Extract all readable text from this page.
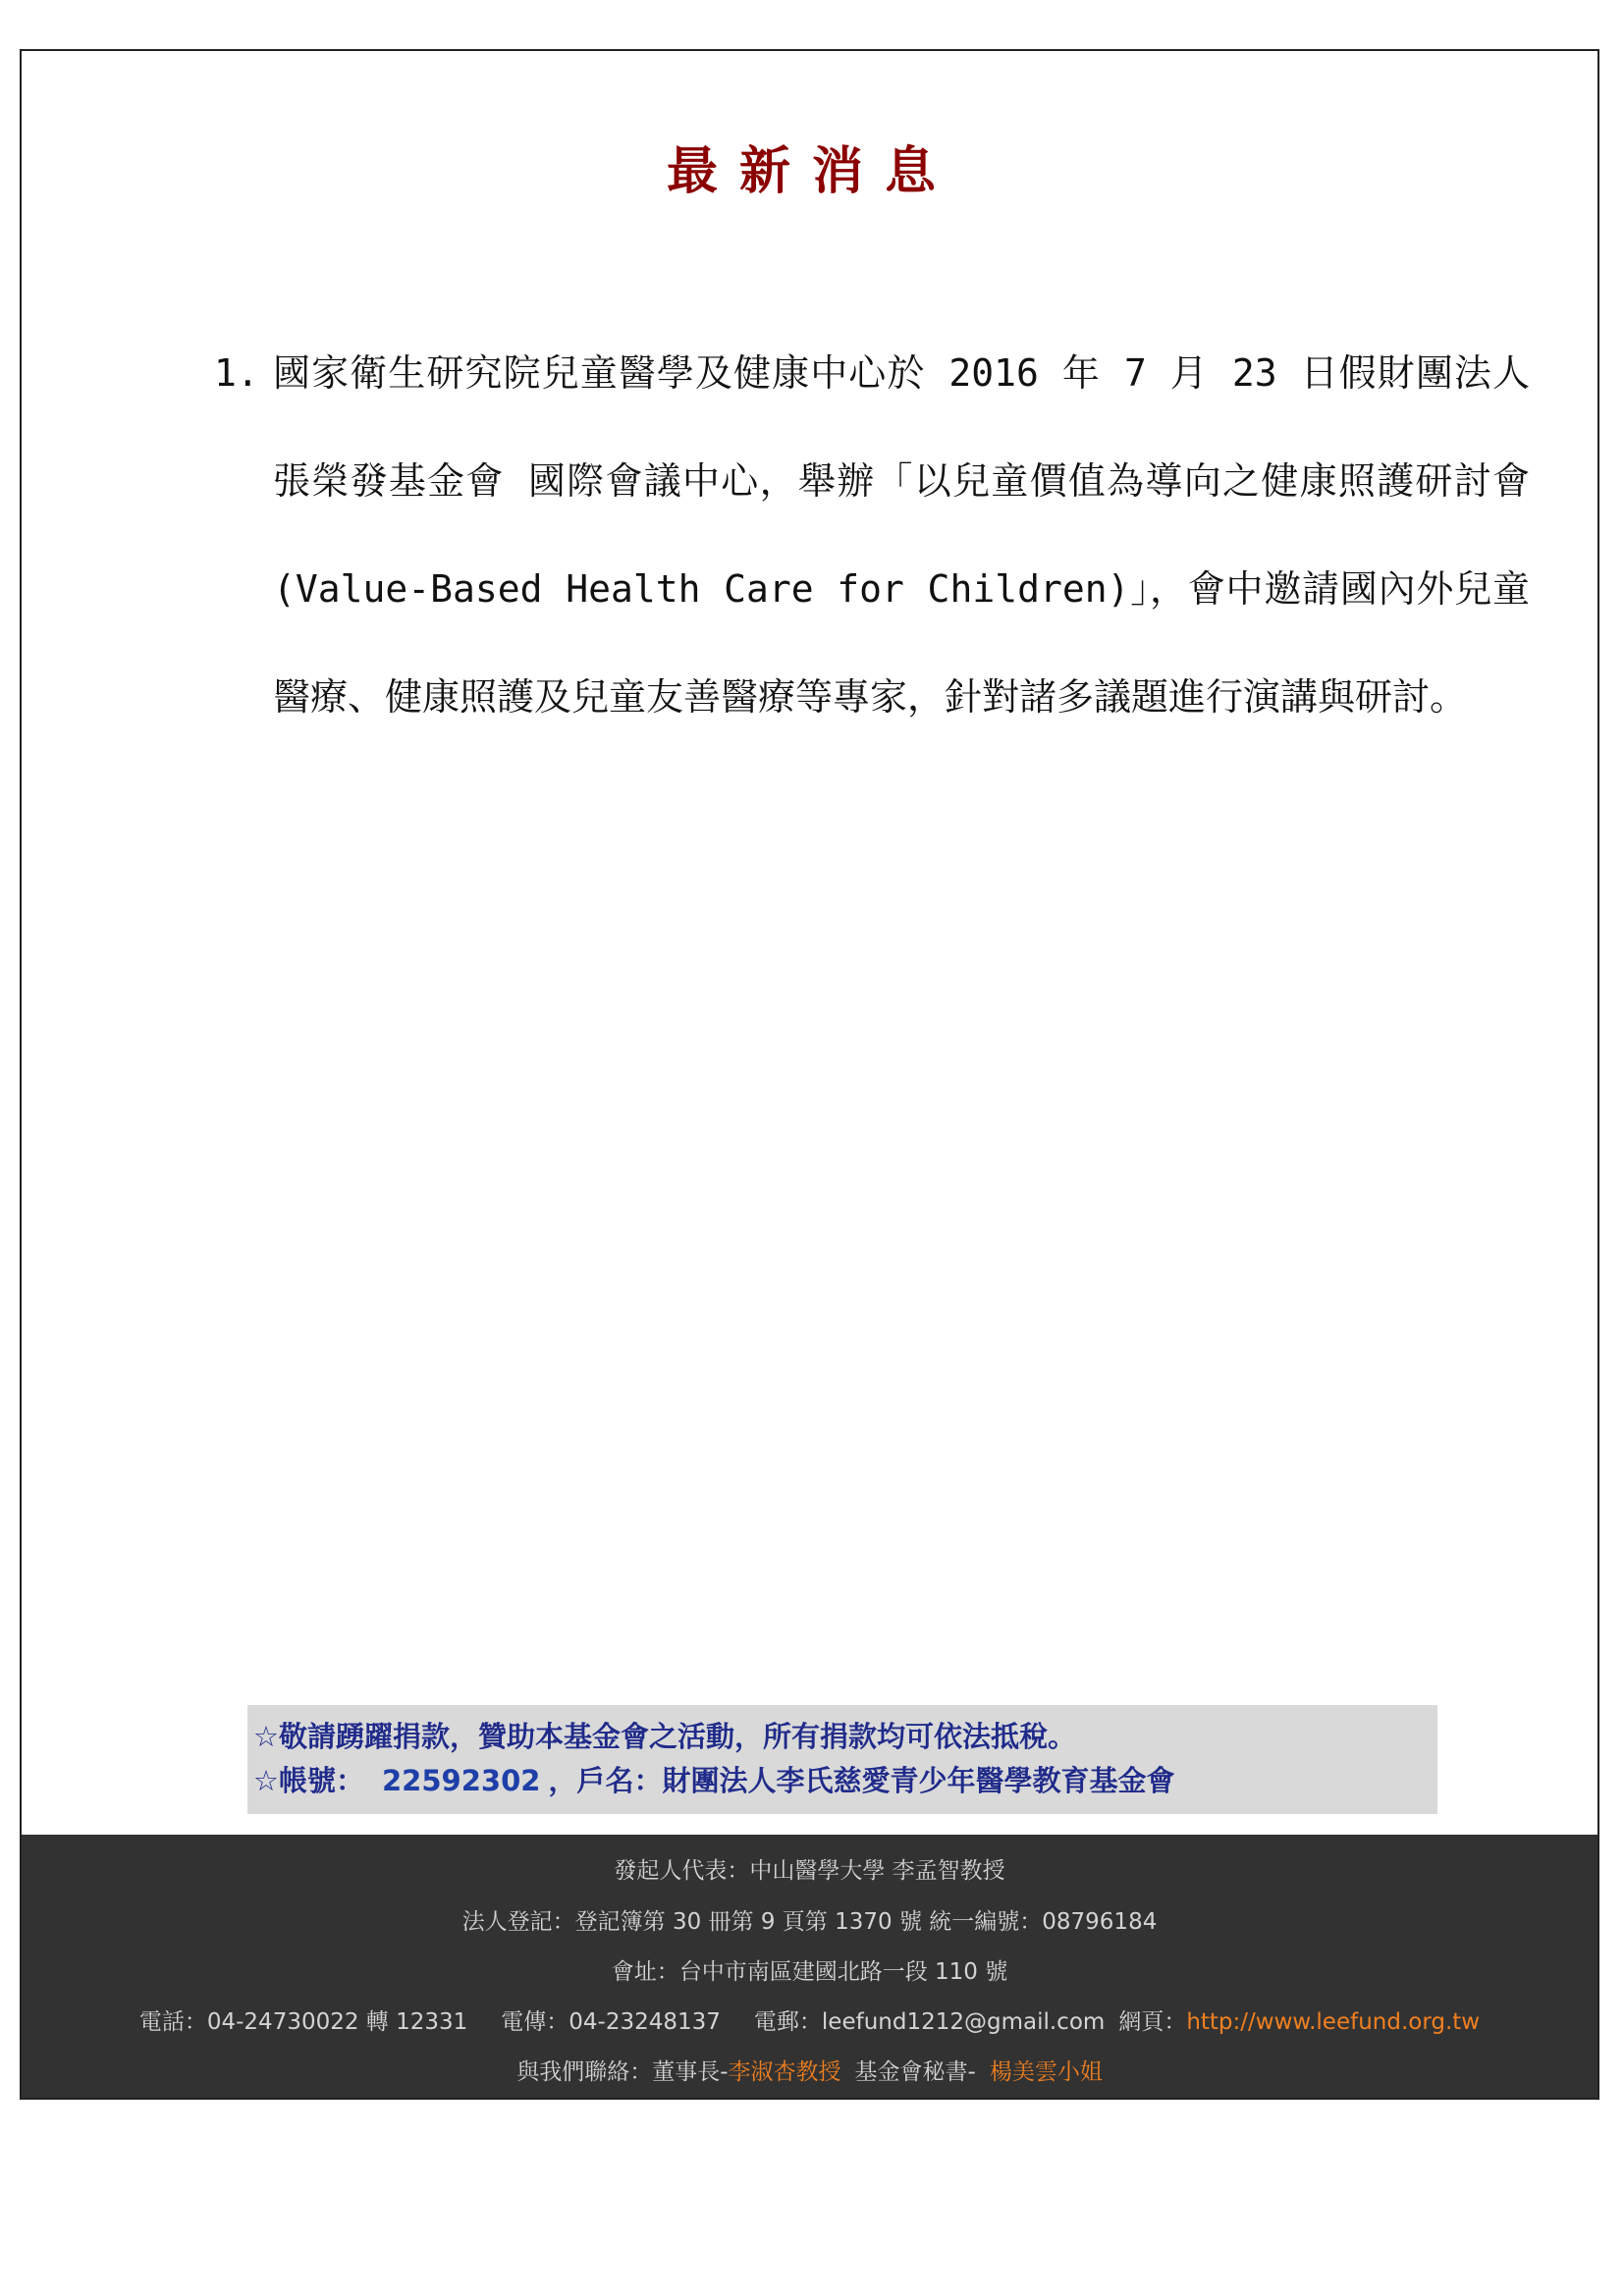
最新消息
1. 國家衛生研究院兒童醫學及健康中心於 2016 年 7 月 23 日假財團法人張榮發基金會 國際會議中心，舉辦「以兒童價值為導向之健康照護研討會(Value-Based Health Care for Children)」，會中邀請國內外兒童醫療、健康照護及兒童友善醫療等專家，針對諸多議題進行演講與研討。
☆敬請踴躍捐款，贊助本基金會之活動，所有捐款均可依法抵稅。
☆帳號： 22592302 ，戶名：財團法人李氏慈愛青少年醫學教育基金會
發起人代表：中山醫學大學 李孟智教授
法人登記：登記簿第 30 冊第 9 頁第 1370 號 統一編號：08796184
會址：台中市南區建國北路一段 110 號
電話：04-24730022 轉 12331 電傳：04-23248137 電郵：leefund1212@gmail.com 網頁：http://www.leefund.org.tw
與我們聯絡：董事長-李淑杏教授 基金會秘書- 楊美雲小姐
